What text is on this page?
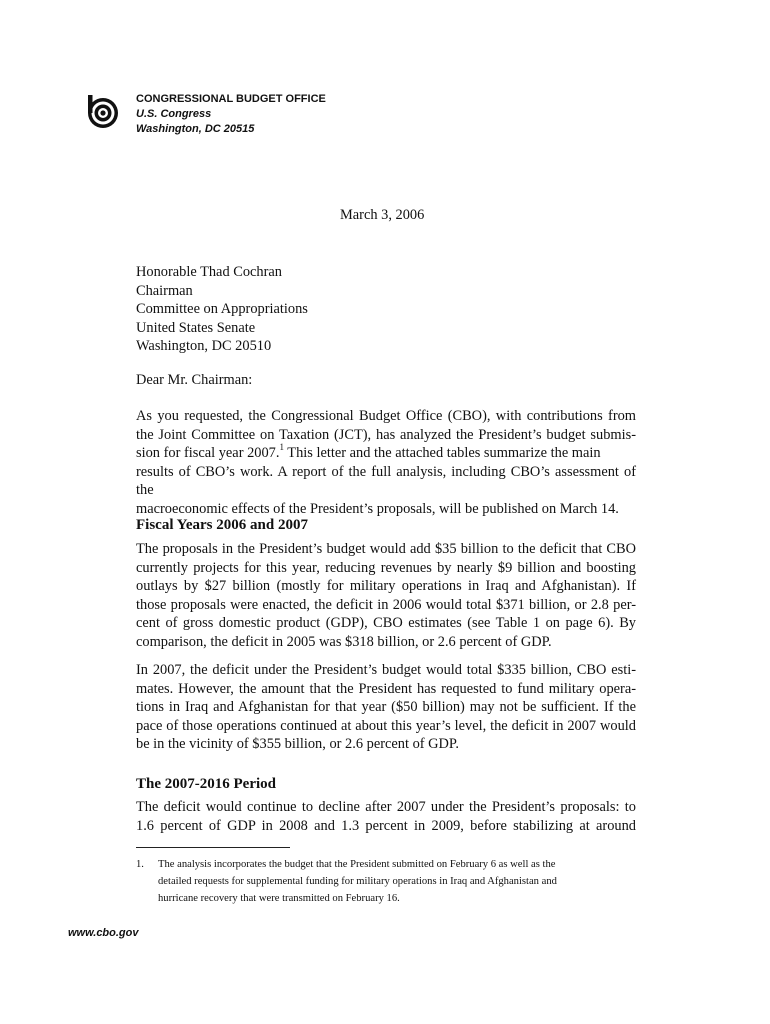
CONGRESSIONAL BUDGET OFFICE
U.S. Congress
Washington, DC 20515
March 3, 2006
Honorable Thad Cochran
Chairman
Committee on Appropriations
United States Senate
Washington, DC 20510
Dear Mr. Chairman:
As you requested, the Congressional Budget Office (CBO), with contributions from
the Joint Committee on Taxation (JCT), has analyzed the President’s budget submis-
sion for fiscal year 2007.$^1$ This letter and the attached tables summarize the main
results of CBO’s work. A report of the full analysis, including CBO’s assessment of the
macroeconomic effects of the President’s proposals, will be published on March 14.
Fiscal Years 2006 and 2007
The proposals in the President’s budget would add $35 billion to the deficit that CBO
currently projects for this year, reducing revenues by nearly $9 billion and boosting
outlays by $27 billion (mostly for military operations in Iraq and Afghanistan). If
those proposals were enacted, the deficit in 2006 would total $371 billion, or 2.8 per-
cent of gross domestic product (GDP), CBO estimates (see Table 1 on page 6). By
comparison, the deficit in 2005 was $318 billion, or 2.6 percent of GDP.
In 2007, the deficit under the President’s budget would total $335 billion, CBO esti-
mates. However, the amount that the President has requested to fund military opera-
tions in Iraq and Afghanistan for that year ($50 billion) may not be sufficient. If the
pace of those operations continued at about this year’s level, the deficit in 2007 would
be in the vicinity of $355 billion, or 2.6 percent of GDP.
The 2007-2016 Period
The deficit would continue to decline after 2007 under the President’s proposals: to
1.6 percent of GDP in 2008 and 1.3 percent in 2009, before stabilizing at around
1. The analysis incorporates the budget that the President submitted on February 6 as well as the
detailed requests for supplemental funding for military operations in Iraq and Afghanistan and
hurricane recovery that were transmitted on February 16.
www.cbo.gov
